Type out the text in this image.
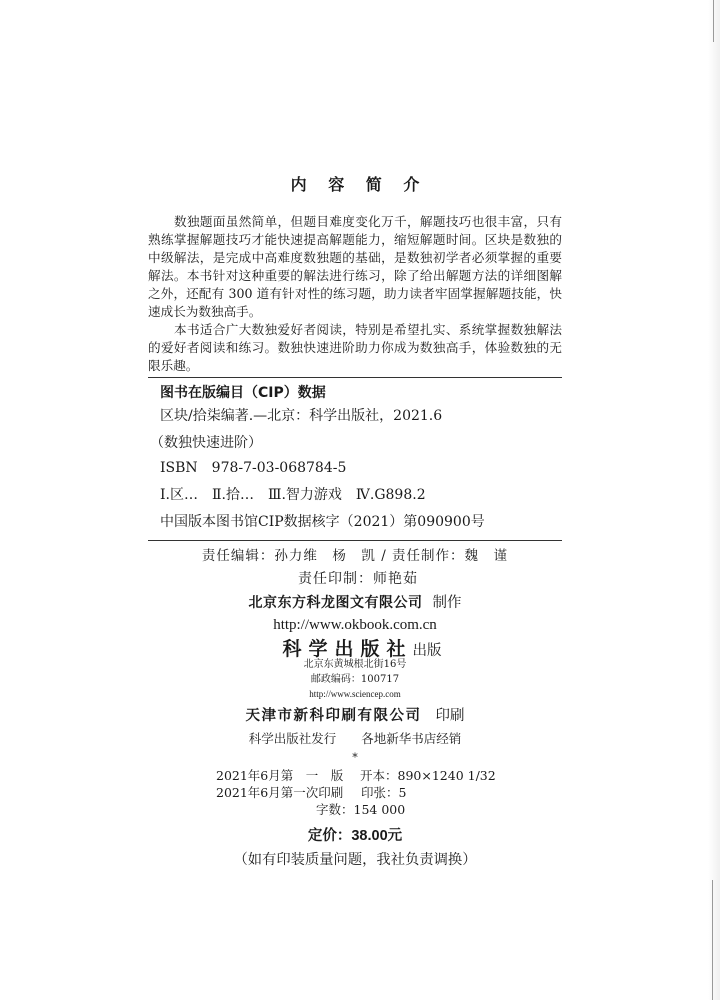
内 容 简 介
数独题面虽然简单，但题目难度变化万千，解题技巧也很丰富，只有
熟练掌握解题技巧才能快速提高解题能力，缩短解题时间。区块是数独的
中级解法，是完成中高难度数独题的基础，是数独初学者必须掌握的重要
解法。本书针对这种重要的解法进行练习，除了给出解题方法的详细图解
之外，还配有 300 道有针对性的练习题，助力读者牢固掌握解题技能，快
速成长为数独高手。
本书适合广大数独爱好者阅读，特别是希望扎实、系统掌握数独解法
的爱好者阅读和练习。数独快速进阶助力你成为数独高手，体验数独的无
限乐趣。
图书在版编目（CIP）数据
区块/拾柒编著.—北京：科学出版社，2021.6
（数独快速进阶）
ISBN　978-7-03-068784-5
Ⅰ.区…　Ⅱ.拾…　Ⅲ.智力游戏　Ⅳ.G898.2
中国版本图书馆CIP数据核字（2021）第090900号
责任编辑：孙力维　杨　凯 / 责任制作：魏　谨
责任印制：师艳茹
北京东方科龙图文有限公司 制作
http://www.okbook.com.cn
科学出版社出版
北京东黄城根北街16号
邮政编码：100717
http://www.sciencep.com
天津市新科印刷有限公司 印刷
科学出版社发行　　各地新华书店经销
*
2021年6月第　一　版 开本：890×1240 1/32
2021年6月第一次印刷 印张：5
字数：154 000
定价：38.00元
（如有印装质量问题，我社负责调换）
